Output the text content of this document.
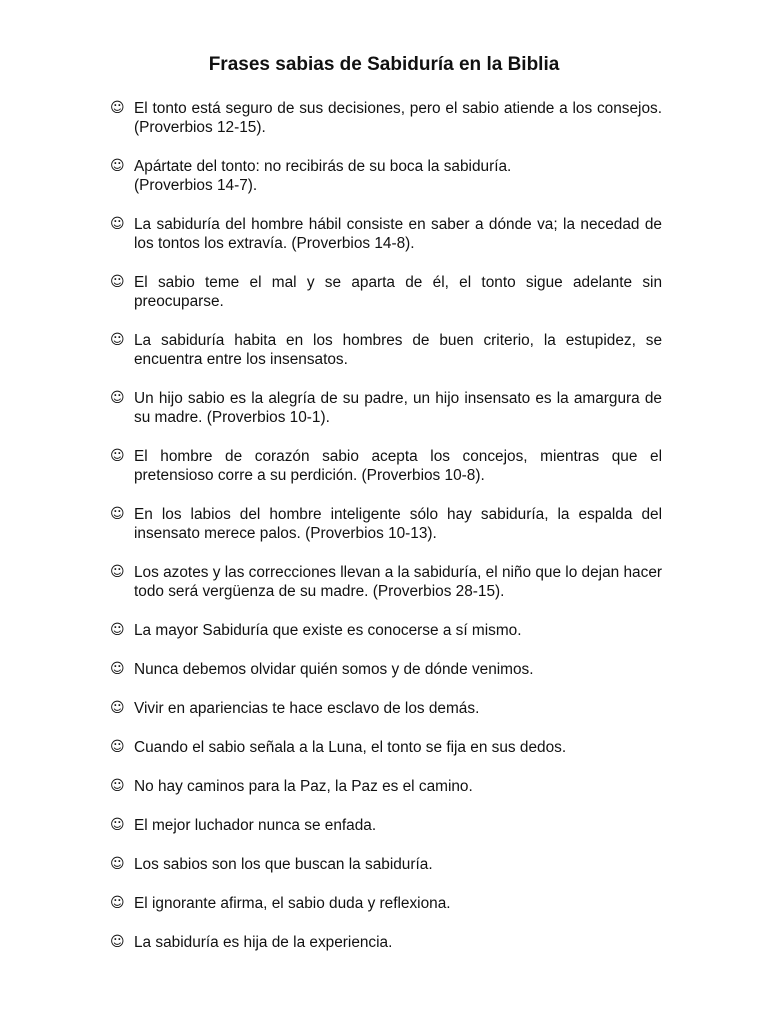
Frases sabias de Sabiduría en la Biblia
☺ El tonto está seguro de sus decisiones, pero el sabio atiende a los consejos. (Proverbios 12-15).
☺ Apártate del tonto: no recibirás de su boca la sabiduría.
(Proverbios 14-7).
☺ La sabiduría del hombre hábil consiste en saber a dónde va; la necedad de los tontos los extravía. (Proverbios 14-8).
☺ El sabio teme el mal y se aparta de él, el tonto sigue adelante sin preocuparse.
☺ La sabiduría habita en los hombres de buen criterio, la estupidez, se encuentra entre los insensatos.
☺ Un hijo sabio es la alegría de su padre, un hijo insensato es la amargura de su madre. (Proverbios 10-1).
☺ El hombre de corazón sabio acepta los concejos, mientras que el pretensioso corre a su perdición. (Proverbios 10-8).
☺ En los labios del hombre inteligente sólo hay sabiduría, la espalda del insensato merece palos. (Proverbios 10-13).
☺ Los azotes y las correcciones llevan a la sabiduría, el niño que lo dejan hacer todo será vergüenza de su madre. (Proverbios 28-15).
☺ La mayor Sabiduría que existe es conocerse a sí mismo.
☺ Nunca debemos olvidar quién somos y de dónde venimos.
☺ Vivir en apariencias te hace esclavo de los demás.
☺ Cuando el sabio señala a la Luna, el tonto se fija en sus dedos.
☺ No hay caminos para la Paz, la Paz es el camino.
☺ El mejor luchador nunca se enfada.
☺ Los sabios son los que buscan la sabiduría.
☺ El ignorante afirma, el sabio duda y reflexiona.
☺ La sabiduría es hija de la experiencia.
